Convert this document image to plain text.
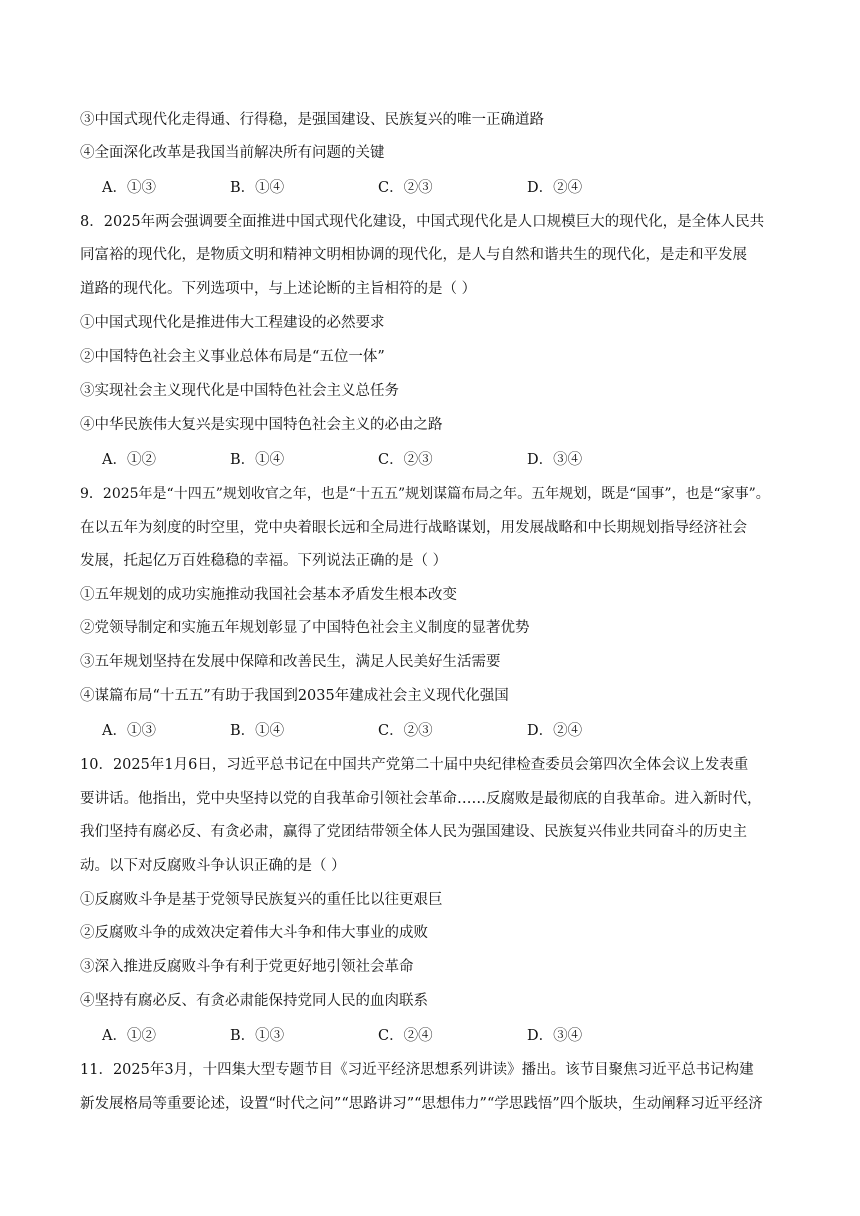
③中国式现代化走得通、行得稳，是强国建设、民族复兴的唯一正确道路
④全面深化改革是我国当前解决所有问题的关键
A．①③	B．①④	C．②③	D．②④
8．2025年两会强调要全面推进中国式现代化建设，中国式现代化是人口规模巨大的现代化，是全体人民共
同富裕的现代化，是物质文明和精神文明相协调的现代化，是人与自然和谐共生的现代化，是走和平发展
道路的现代化。下列选项中，与上述论断的主旨相符的是（ ）
①中国式现代化是推进伟大工程建设的必然要求
②中国特色社会主义事业总体布局是“五位一体”
③实现社会主义现代化是中国特色社会主义总任务
④中华民族伟大复兴是实现中国特色社会主义的必由之路
A．①②	B．①④	C．②③	D．③④
9．2025年是“十四五”规划收官之年，也是“十五五”规划谋篇布局之年。五年规划，既是“国事”，也是“家事”。
在以五年为刻度的时空里，党中央着眼长远和全局进行战略谋划，用发展战略和中长期规划指导经济社会
发展，托起亿万百姓稳稳的幸福。下列说法正确的是（ ）
①五年规划的成功实施推动我国社会基本矛盾发生根本改变
②党领导制定和实施五年规划彰显了中国特色社会主义制度的显著优势
③五年规划坚持在发展中保障和改善民生，满足人民美好生活需要
④谋篇布局“十五五”有助于我国到2035年建成社会主义现代化强国
A．①③	B．①④	C．②③	D．②④
10．2025年1月6日，习近平总书记在中国共产党第二十届中央纪律检查委员会第四次全体会议上发表重
要讲话。他指出，党中央坚持以党的自我革命引领社会革命……反腐败是最彻底的自我革命。进入新时代，
我们坚持有腐必反、有贪必肃，赢得了党团结带领全体人民为强国建设、民族复兴伟业共同奋斗的历史主
动。以下对反腐败斗争认识正确的是（ ）
①反腐败斗争是基于党领导民族复兴的重任比以往更艰巨
②反腐败斗争的成效决定着伟大斗争和伟大事业的成败
③深入推进反腐败斗争有利于党更好地引领社会革命
④坚持有腐必反、有贪必肃能保持党同人民的血肉联系
A．①②	B．①③	C．②④	D．③④
11．2025年3月，十四集大型专题节目《习近平经济思想系列讲读》播出。该节目聚焦习近平总书记构建
新发展格局等重要论述，设置“时代之问”“思路讲习”“思想伟力”“学思践悟”四个版块，生动阐释习近平经济
